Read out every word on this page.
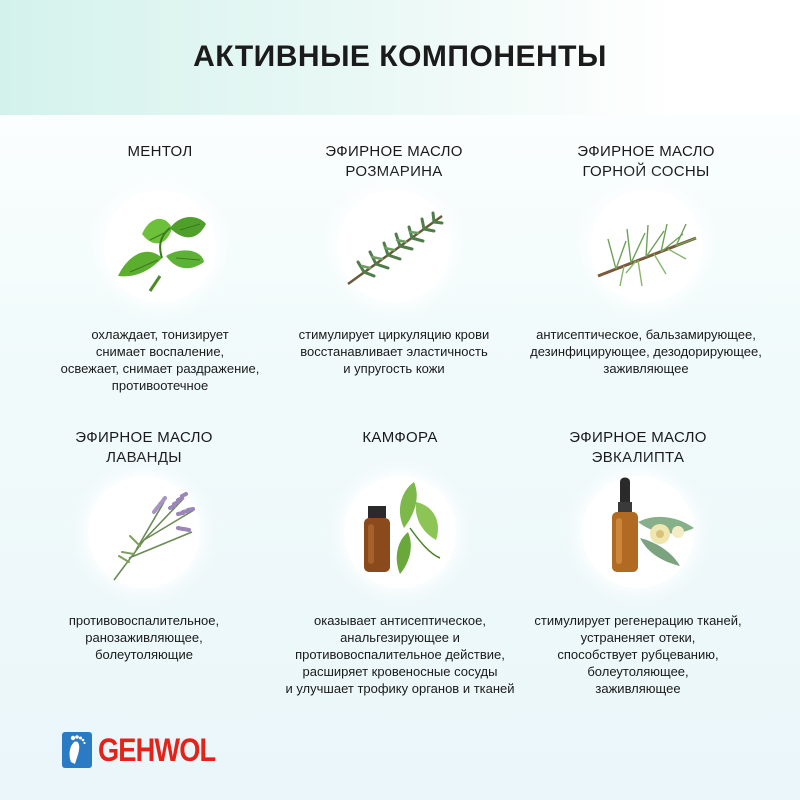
АКТИВНЫЕ КОМПОНЕНТЫ
МЕНТОЛ
охлаждает, тонизирует
снимает воспаление,
освежает, снимает раздражение,
противоотечное
ЭФИРНОЕ МАСЛО
РОЗМАРИНА
стимулирует циркуляцию крови
восстанавливает эластичность
и упругость кожи
ЭФИРНОЕ МАСЛО
ГОРНОЙ СОСНЫ
антисептическое, бальзамирующее,
дезинфицирующее, дезодорирующее,
заживляющее
ЭФИРНОЕ МАСЛО
ЛАВАНДЫ
противовоспалительное,
ранозаживляющее,
болеутоляющие
КАМФОРА
оказывает антисептическое,
анальгезирующее и
противовоспалительное действие,
расширяет кровеносные сосуды
и улучшает трофику органов и тканей
ЭФИРНОЕ МАСЛО
ЭВКАЛИПТА
стимулирует регенерацию тканей,
устраненяет отеки,
способствует рубцеванию,
болеутоляющее,
заживляющее
GEHWOL
